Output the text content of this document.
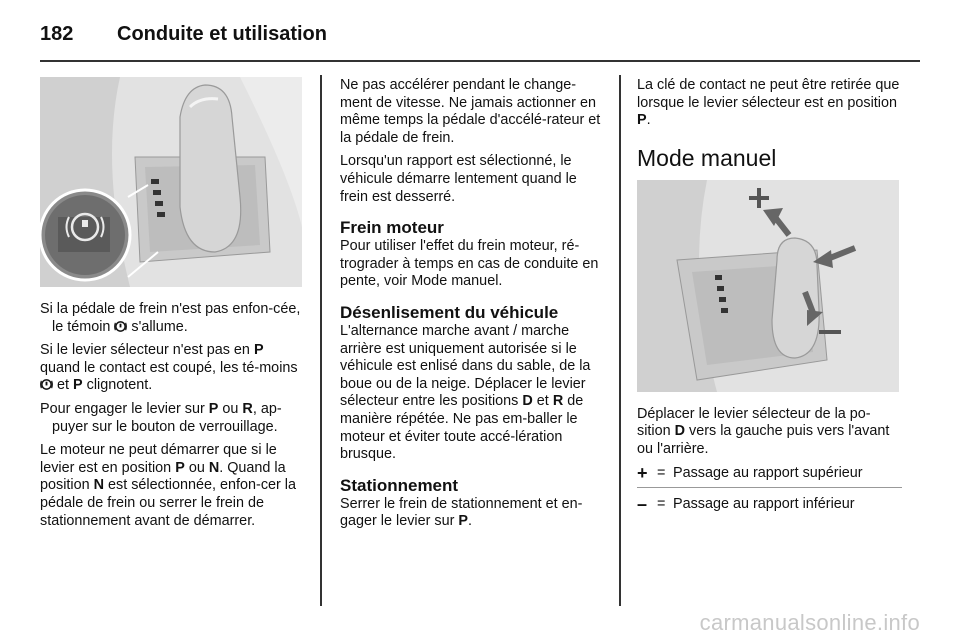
182	Conduite et utilisation

Si la pédale de frein n'est pas enfon-cée, le témoin s'allume.

Si le levier sélecteur n'est pas en P quand le contact est coupé, les té-moins  et P clignotent.

Pour engager le levier sur P ou R, ap-puyer sur le bouton de verrouillage.

Le moteur ne peut démarrer que si le levier est en position P ou N. Quand la position N est sélectionnée, enfon-cer la pédale de frein ou serrer le frein de stationnement avant de démarrer.

Ne pas accélérer pendant le change-ment de vitesse. Ne jamais actionner en même temps la pédale d'accélé-rateur et la pédale de frein.

Lorsqu'un rapport est sélectionné, le véhicule démarre lentement quand le frein est desserré.

Frein moteur

Pour utiliser l'effet du frein moteur, ré-trograder à temps en cas de conduite en pente, voir Mode manuel.

Désenlisement du véhicule

L'alternance marche avant / marche arrière est uniquement autorisée si le véhicule est enlisé dans du sable, de la boue ou de la neige. Déplacer le levier sélecteur entre les positions D et R de manière répétée. Ne pas em-baller le moteur et éviter toute accé-lération brusque.

Stationnement

Serrer le frein de stationnement et en-gager le levier sur P.

La clé de contact ne peut être retirée que lorsque le levier sélecteur est en position P.

Mode manuel

Déplacer le levier sélecteur de la po-sition D vers la gauche puis vers l'avant ou l'arrière.

+ = Passage au rapport supérieur
– = Passage au rapport inférieur
carmanualsonline.info
